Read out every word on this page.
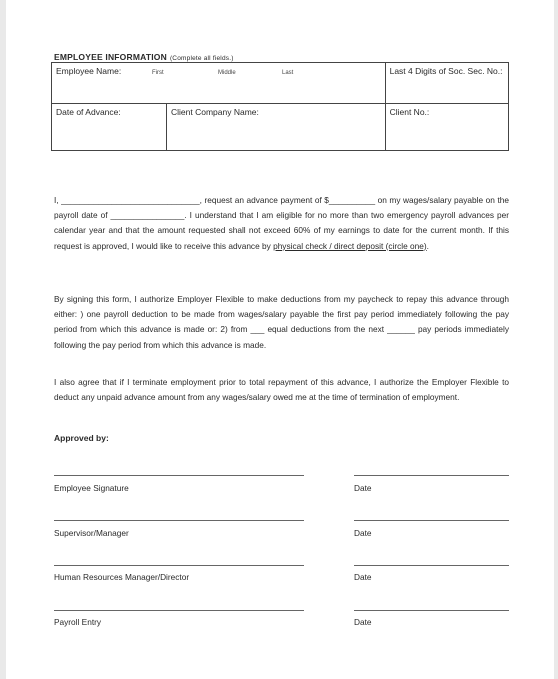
EMPLOYEE INFORMATION (Complete all fields.)
Employee Name: First Middle Last		Last 4 Digits of Soc. Sec. No.:
Date of Advance:	Client Company Name:	Client No.:
I, ______________________________, request an advance payment of $__________ on my wages/salary payable on the payroll date of ________________. I understand that I am eligible for no more than two emergency payroll advances per calendar year and that the amount requested shall not exceed 60% of my earnings to date for the current month. If this request is approved, I would like to receive this advance by physical check / direct deposit (circle one).
By signing this form, I authorize Employer Flexible to make deductions from my paycheck to repay this advance through either: ) one payroll deduction to be made from wages/salary payable the first pay period immediately following the pay period from which this advance is made or: 2) from ___ equal deductions from the next ______ pay periods immediately following the pay period from which this advance is made.
I also agree that if I terminate employment prior to total repayment of this advance, I authorize the Employer Flexible to deduct any unpaid advance amount from any wages/salary owed me at the time of termination of employment.
Approved by:
Employee Signature	Date
Supervisor/Manager	Date
Human Resources Manager/Director	Date
Payroll Entry	Date
